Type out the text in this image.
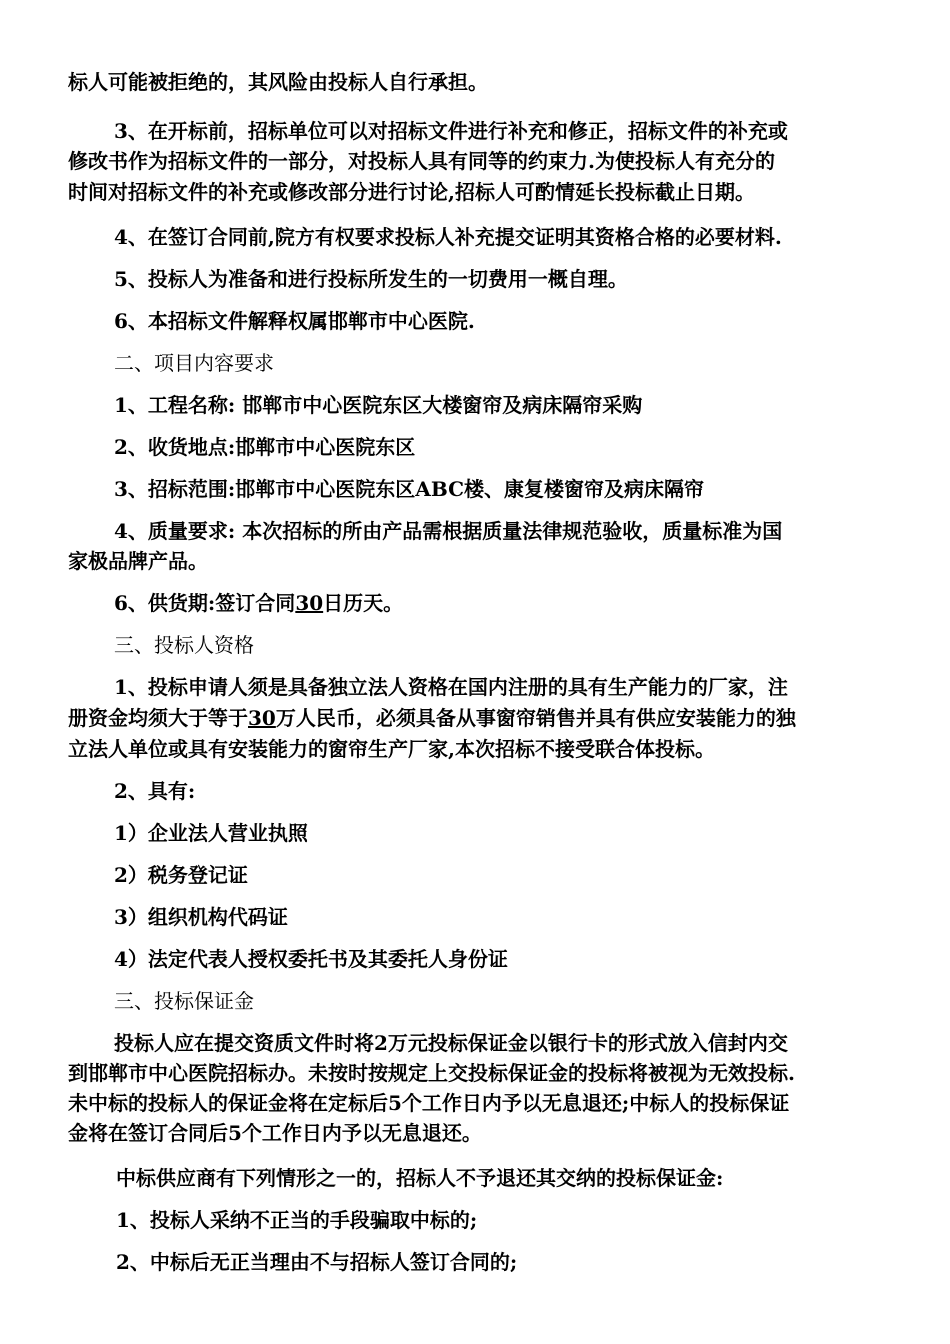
标人可能被拒绝的，其风险由投标人自行承担。
3、在开标前，招标单位可以对招标文件进行补充和修正，招标文件的补充或
修改书作为招标文件的一部分，对投标人具有同等的约束力.为使投标人有充分的
时间对招标文件的补充或修改部分进行讨论,招标人可酌情延长投标截止日期。
4、在签订合同前,院方有权要求投标人补充提交证明其资格合格的必要材料.
5、投标人为准备和进行投标所发生的一切费用一概自理。
6、本招标文件解释权属邯郸市中心医院.
二、项目内容要求
1、工程名称: 邯郸市中心医院东区大楼窗帘及病床隔帘采购
2、收货地点:邯郸市中心医院东区
3、招标范围:邯郸市中心医院东区ABC楼、康复楼窗帘及病床隔帘
4、质量要求: 本次招标的所由产品需根据质量法律规范验收，质量标准为国
家极品牌产品。
6、供货期:签订合同30日历天。
三、投标人资格
1、投标申请人须是具备独立法人资格在国内注册的具有生产能力的厂家，注
册资金均须大于等于30万人民币，必须具备从事窗帘销售并具有供应安装能力的独
立法人单位或具有安装能力的窗帘生产厂家,本次招标不接受联合体投标。
2、具有:
1）企业法人营业执照
2）税务登记证
3）组织机构代码证
4）法定代表人授权委托书及其委托人身份证
三、投标保证金
投标人应在提交资质文件时将2万元投标保证金以银行卡的形式放入信封内交
到邯郸市中心医院招标办。未按时按规定上交投标保证金的投标将被视为无效投标.
未中标的投标人的保证金将在定标后5个工作日内予以无息退还;中标人的投标保证
金将在签订合同后5个工作日内予以无息退还。
中标供应商有下列情形之一的，招标人不予退还其交纳的投标保证金:
1、投标人采纳不正当的手段骗取中标的;
2、中标后无正当理由不与招标人签订合同的;
